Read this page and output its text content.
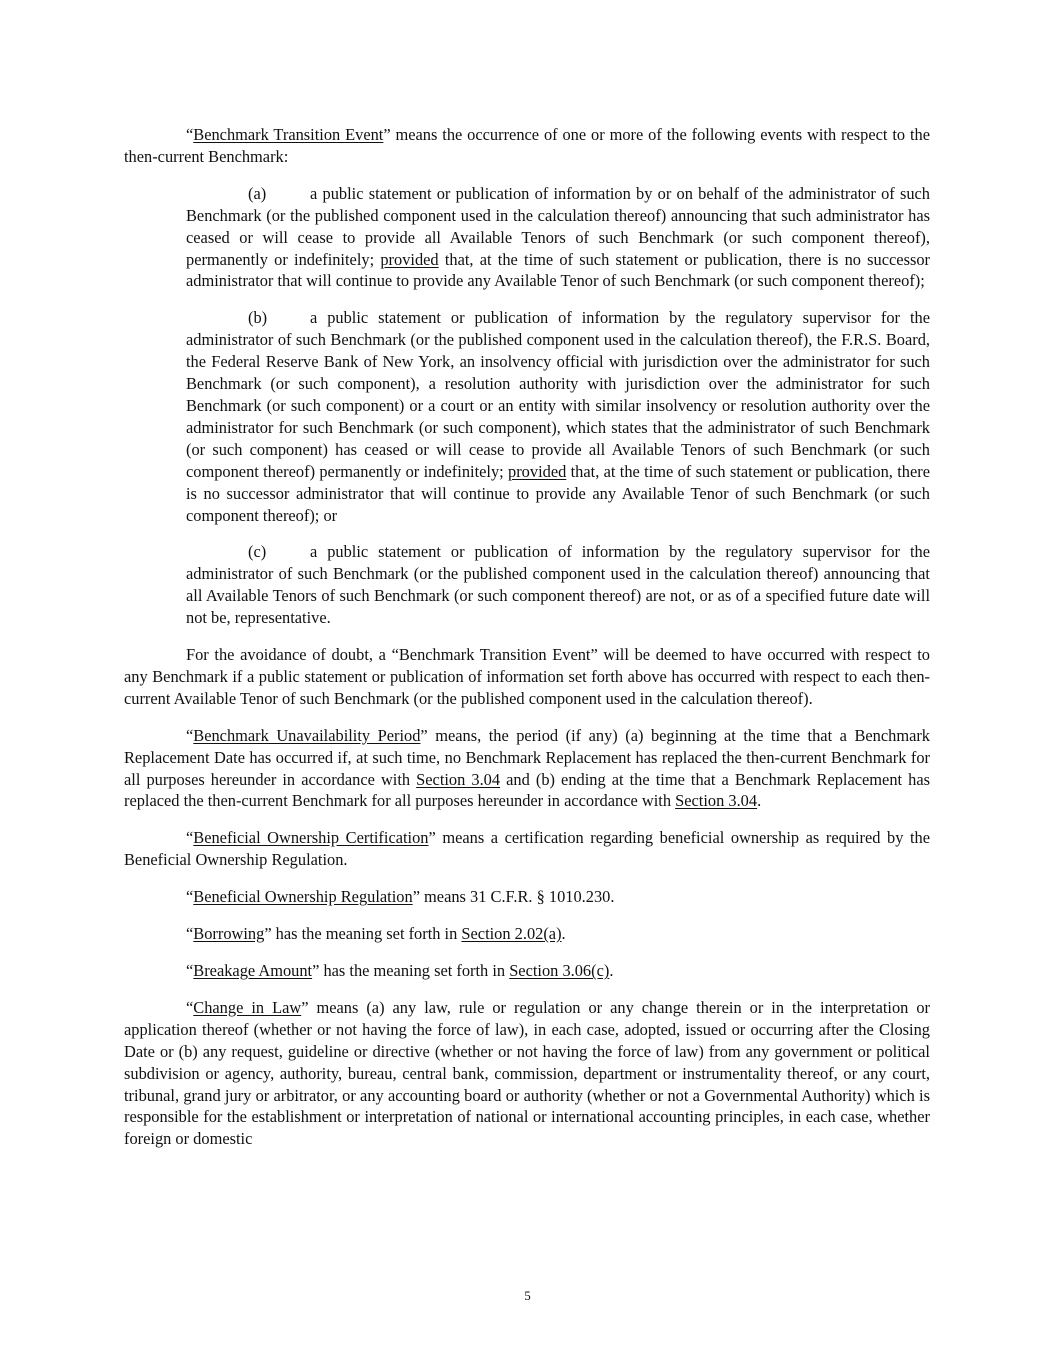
“Benchmark Transition Event” means the occurrence of one or more of the following events with respect to the then-current Benchmark:

(a)	a public statement or publication of information by or on behalf of the administrator of such Benchmark (or the published component used in the calculation thereof) announcing that such administrator has ceased or will cease to provide all Available Tenors of such Benchmark (or such component thereof), permanently or indefinitely; provided that, at the time of such statement or publication, there is no successor administrator that will continue to provide any Available Tenor of such Benchmark (or such component thereof);

(b)	a public statement or publication of information by the regulatory supervisor for the administrator of such Benchmark (or the published component used in the calculation thereof), the F.R.S. Board, the Federal Reserve Bank of New York, an insolvency official with jurisdiction over the administrator for such Benchmark (or such component), a resolution authority with jurisdiction over the administrator for such Benchmark (or such component) or a court or an entity with similar insolvency or resolution authority over the administrator for such Benchmark (or such component), which states that the administrator of such Benchmark (or such component) has ceased or will cease to provide all Available Tenors of such Benchmark (or such component thereof) permanently or indefinitely; provided that, at the time of such statement or publication, there is no successor administrator that will continue to provide any Available Tenor of such Benchmark (or such component thereof); or

(c)	a public statement or publication of information by the regulatory supervisor for the administrator of such Benchmark (or the published component used in the calculation thereof) announcing that all Available Tenors of such Benchmark (or such component thereof) are not, or as of a specified future date will not be, representative.

For the avoidance of doubt, a “Benchmark Transition Event” will be deemed to have occurred with respect to any Benchmark if a public statement or publication of information set forth above has occurred with respect to each then-current Available Tenor of such Benchmark (or the published component used in the calculation thereof).

“Benchmark Unavailability Period” means, the period (if any) (a) beginning at the time that a Benchmark Replacement Date has occurred if, at such time, no Benchmark Replacement has replaced the then-current Benchmark for all purposes hereunder in accordance with Section 3.04 and (b) ending at the time that a Benchmark Replacement has replaced the then-current Benchmark for all purposes hereunder in accordance with Section 3.04.

“Beneficial Ownership Certification” means a certification regarding beneficial ownership as required by the Beneficial Ownership Regulation.

“Beneficial Ownership Regulation” means 31 C.F.R. § 1010.230.

“Borrowing” has the meaning set forth in Section 2.02(a).

“Breakage Amount” has the meaning set forth in Section 3.06(c).

“Change in Law” means (a) any law, rule or regulation or any change therein or in the interpretation or application thereof (whether or not having the force of law), in each case, adopted, issued or occurring after the Closing Date or (b) any request, guideline or directive (whether or not having the force of law) from any government or political subdivision or agency, authority, bureau, central bank, commission, department or instrumentality thereof, or any court, tribunal, grand jury or arbitrator, or any accounting board or authority (whether or not a Governmental Authority) which is responsible for the establishment or interpretation of national or international accounting principles, in each case, whether foreign or domestic

5
